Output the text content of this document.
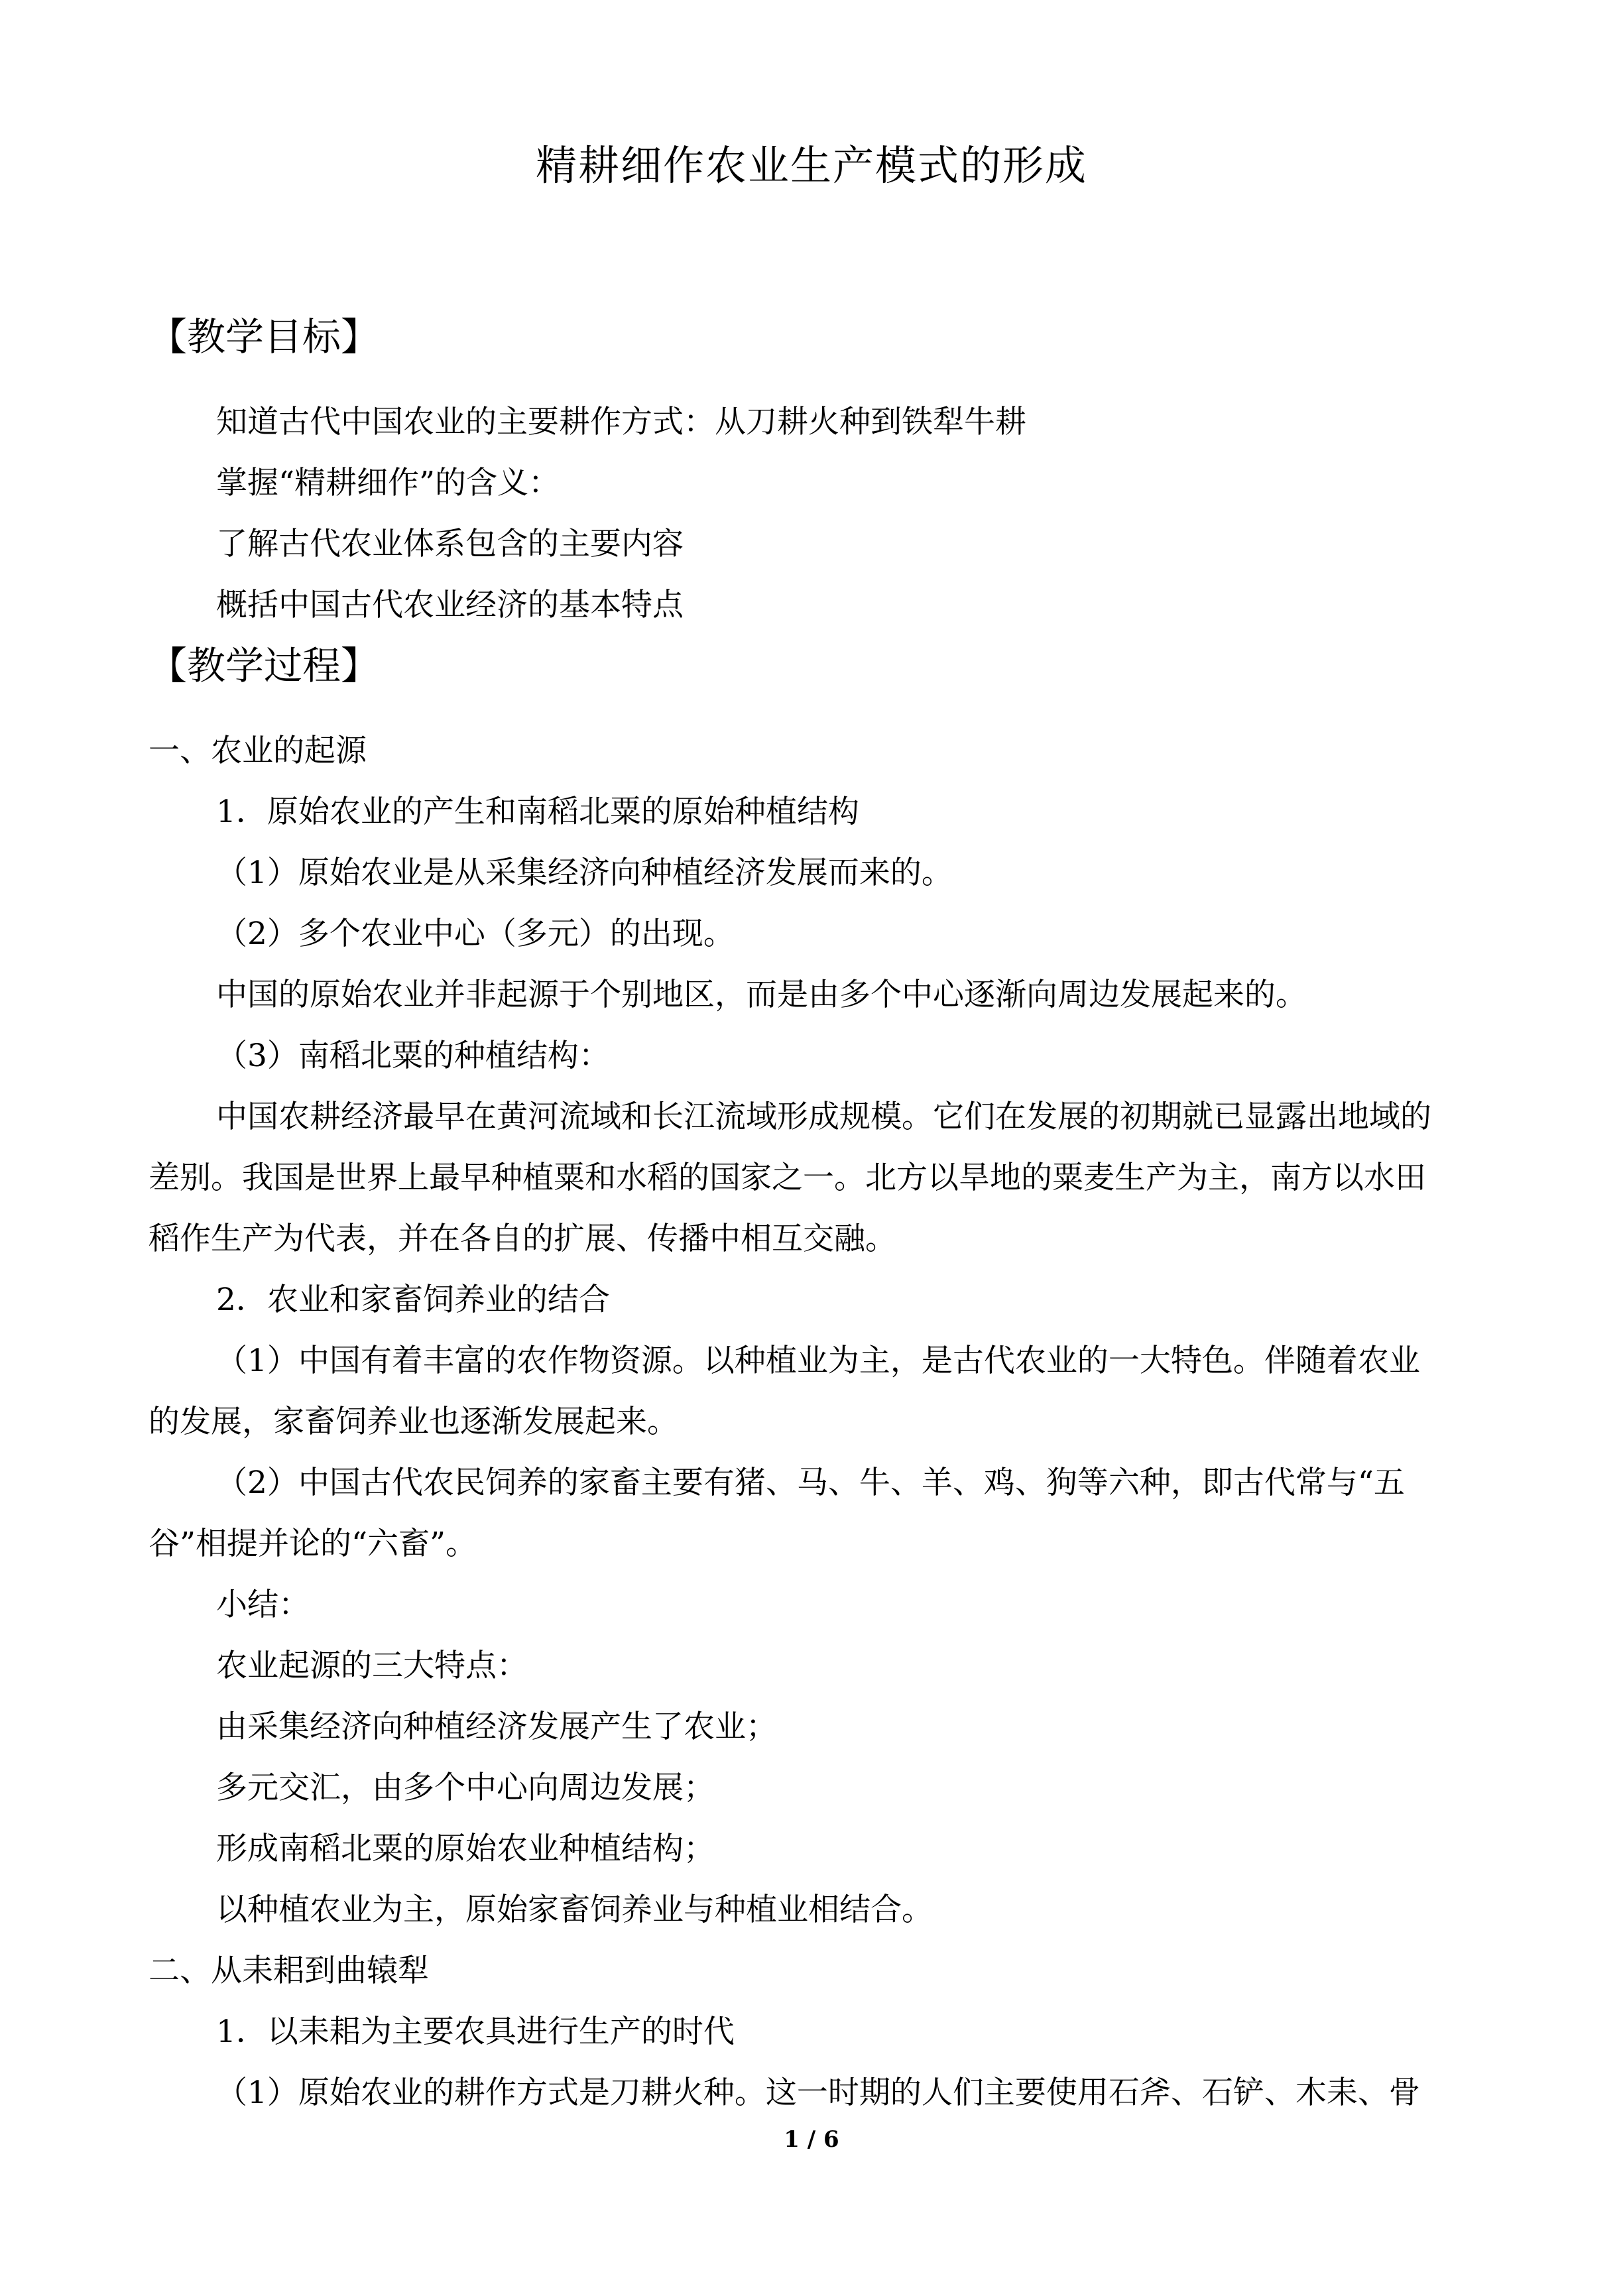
精耕细作农业生产模式的形成
【教学目标】
知道古代中国农业的主要耕作方式：从刀耕火种到铁犁牛耕
掌握“精耕细作”的含义：
了解古代农业体系包含的主要内容
概括中国古代农业经济的基本特点
【教学过程】
一、农业的起源
1．原始农业的产生和南稻北粟的原始种植结构
（1）原始农业是从采集经济向种植经济发展而来的。
（2）多个农业中心（多元）的出现。
中国的原始农业并非起源于个别地区，而是由多个中心逐渐向周边发展起来的。
（3）南稻北粟的种植结构：
中国农耕经济最早在黄河流域和长江流域形成规模。它们在发展的初期就已显露出地域的
差别。我国是世界上最早种植粟和水稻的国家之一。北方以旱地的粟麦生产为主，南方以水田
稻作生产为代表，并在各自的扩展、传播中相互交融。
2．农业和家畜饲养业的结合
（1）中国有着丰富的农作物资源。以种植业为主，是古代农业的一大特色。伴随着农业
的发展，家畜饲养业也逐渐发展起来。
（2）中国古代农民饲养的家畜主要有猪、马、牛、羊、鸡、狗等六种，即古代常与“五
谷”相提并论的“六畜”。
小结：
农业起源的三大特点：
由采集经济向种植经济发展产生了农业；
多元交汇，由多个中心向周边发展；
形成南稻北粟的原始农业种植结构；
以种植农业为主，原始家畜饲养业与种植业相结合。
二、从耒耜到曲辕犁
1．以耒耜为主要农具进行生产的时代
（1）原始农业的耕作方式是刀耕火种。这一时期的人们主要使用石斧、石铲、木耒、骨
1 / 6
